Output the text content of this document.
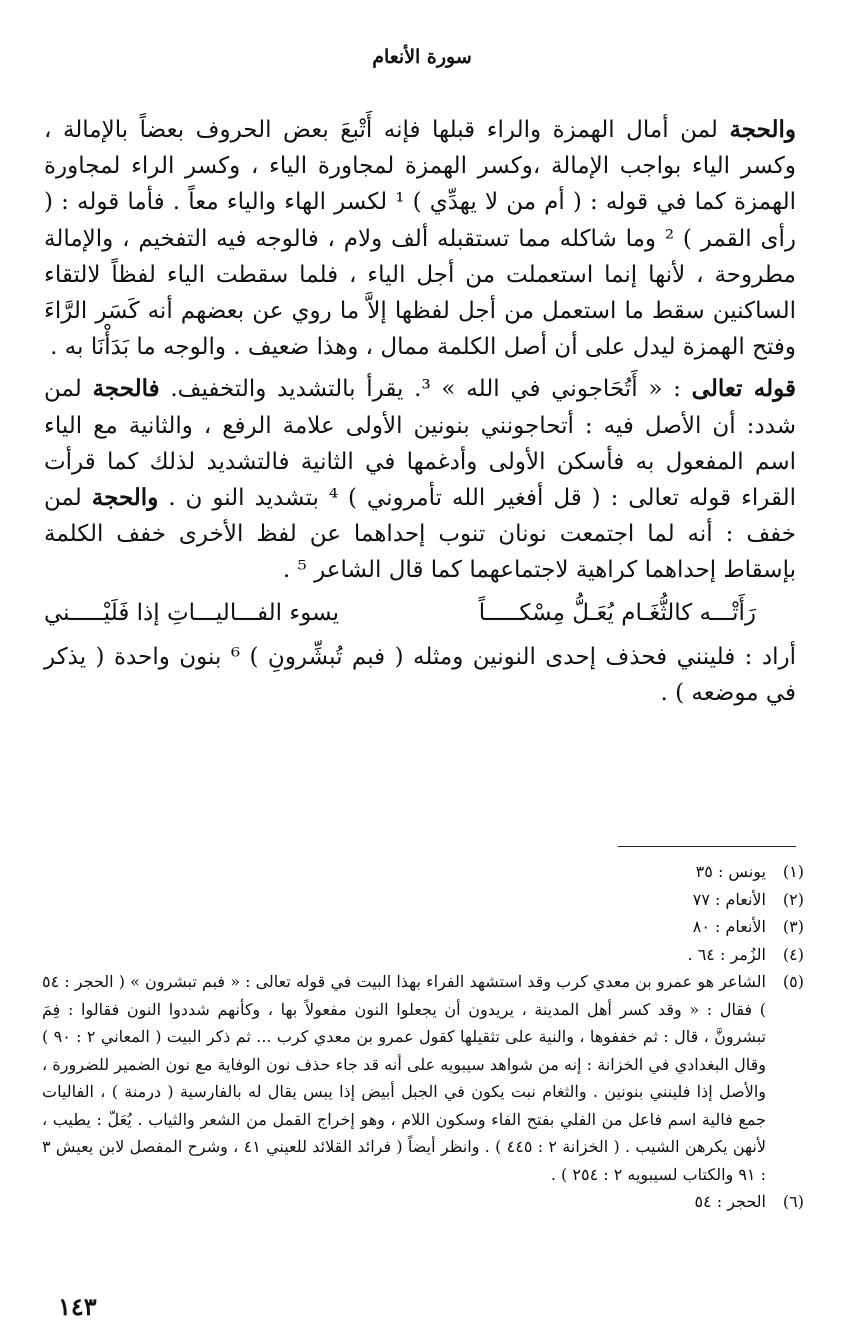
سورة الأنعام

والحجة لمن أمال الهمزة والراء قبلها فإنه أَتْبعَ بعض الحروف بعضاً بالإمالة ، وكسر الياء بواجب الإمالة ،وكسر الهمزة لمجاورة الياء ، وكسر الراء لمجاورة الهمزة كما في قوله : ( أم من لا يهدِّي ) ¹ لكسر الهاء والياء معاً . فأما قوله : ( رأى القمر ) ² وما شاكله مما تستقبله ألف ولام ، فالوجه فيه التفخيم ، والإمالة مطروحة ، لأنها إنما استعملت من أجل الياء ، فلما سقطت الياء لفظاً لالتقاء الساكنين سقط ما استعمل من أجل لفظها إلاَّ ما روي عن بعضهم أنه كَسَر الرَّاءَ وفتح الهمزة ليدل على أن أصل الكلمة ممال ، وهذا ضعيف . والوجه ما بَدَأْنَا به .

قوله تعالى : « أَتُحَاجوني في الله » ³. يقرأ بالتشديد والتخفيف. فالحجة لمن شدد: أن الأصل فيه : أتحاجونني بنونين الأولى علامة الرفع ، والثانية مع الياء اسم المفعول به فأسكن الأولى وأدغمها في الثانية فالتشديد لذلك كما قرأت القراء قوله تعالى : ( قل أفغير الله تأمروني ) ⁴ بتشديد النو ن . والحجة لمن خفف : أنه لما اجتمعت نونان تنوب إحداهما عن لفظ الأخرى خفف الكلمة بإسقاط إحداهما كراهية لاجتماعهما كما قال الشاعر ⁵ .

رَأَتْـــه كالثُّغَـام يُعَـلُّ مِسْكـــــاً
يسوء الفـــاليـــاتِ إذا فَلَيْـــــني

أراد : فلينني فحذف إحدى النونين ومثله ( فبم تُبشِّرونِ ) ⁶ بنون واحدة ( يذكر في موضعه ) .

(١)
يونس : ٣٥
(٢)
الأنعام : ٧٧
(٣)
الأنعام : ٨٠
(٤)
الزُمر : ٦٤ .
(٥)
الشاعر هو عمرو بن معدي كرب وقد استشهد الفراء بهذا البيت في قوله تعالى : « فبم تبشرون » ( الحجر : ٥٤ ) فقال : « وقد كسر أهل المدينة ، يريدون أن يجعلوا النون مفعولاً بها ، وكأنهم شددوا النون فقالوا : فِمَ تبشرونَّ ، قال : ثم خففوها ، والنية على تثقيلها كقول عمرو بن معدي كرب ... ثم ذكر البيت ( المعاني ٢ : ٩٠ ) وقال البغدادي في الخزانة : إنه من شواهد سيبويه على أنه قد جاء حذف نون الوفاية مع نون الضمير للضرورة ، والأصل إذا فلينني بنونين . والثغام نبت يكون في الجبل أبيض إذا يبس يقال له بالفارسية ( درمنة ) ، الفاليات جمع فالية اسم فاعل من الفلي بفتح الفاء وسكون اللام ، وهو إخراج القمل من الشعر والثياب . يُعَلّ : يطيب ، لأنهن يكرهن الشيب . ( الخزانة ٢ : ٤٤٥ ) . وانظر أيضاً ( فرائد القلائد للعيني ٤١ ، وشرح المفصل لابن يعيش ٣ : ٩١ والكتاب لسيبويه ٢ : ٢٥٤ ) .
(٦)
الحجر : ٥٤
١٤٣
